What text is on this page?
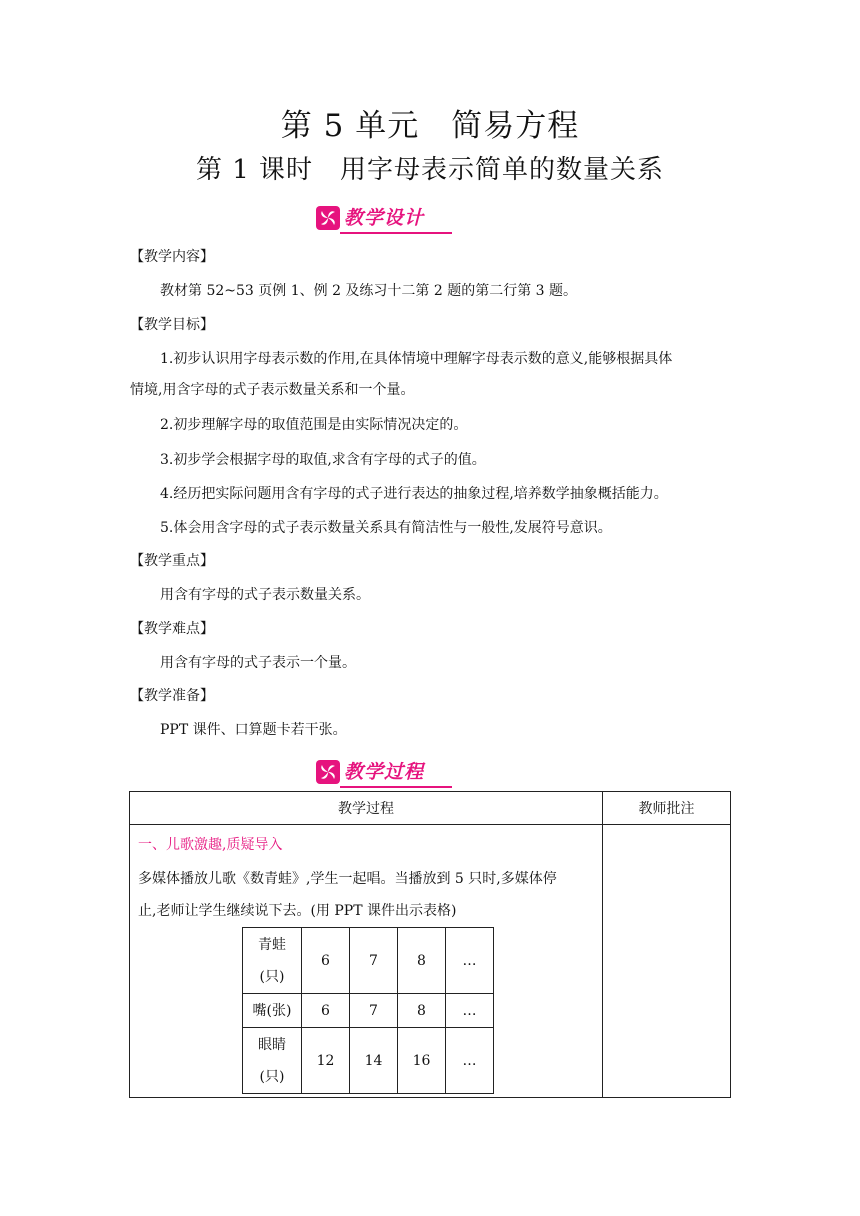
第 5 单元　简易方程
第 1 课时　用字母表示简单的数量关系
教学设计
【教学内容】
教材第 52~53 页例 1、例 2 及练习十二第 2 题的第二行第 3 题。
【教学目标】
1.初步认识用字母表示数的作用,在具体情境中理解字母表示数的意义,能够根据具体
情境,用含字母的式子表示数量关系和一个量。
2.初步理解字母的取值范围是由实际情况决定的。
3.初步学会根据字母的取值,求含有字母的式子的值。
4.经历把实际问题用含有字母的式子进行表达的抽象过程,培养数学抽象概括能力。
5.体会用含字母的式子表示数量关系具有简洁性与一般性,发展符号意识。
【教学重点】
用含有字母的式子表示数量关系。
【教学难点】
用含有字母的式子表示一个量。
【教学准备】
PPT 课件、口算题卡若干张。
教学过程
教学过程	教师批注

一、儿歌激趣,质疑导入
多媒体播放儿歌《数青蛙》,学生一起唱。当播放到 5 只时,多媒体停
止,老师让学生继续说下去。(用 PPT 课件出示表格)
青蛙
(只)
	6	7	8	…
嘴(张)	6	7	8	…

眼睛
(只)
	12	14	16	…
